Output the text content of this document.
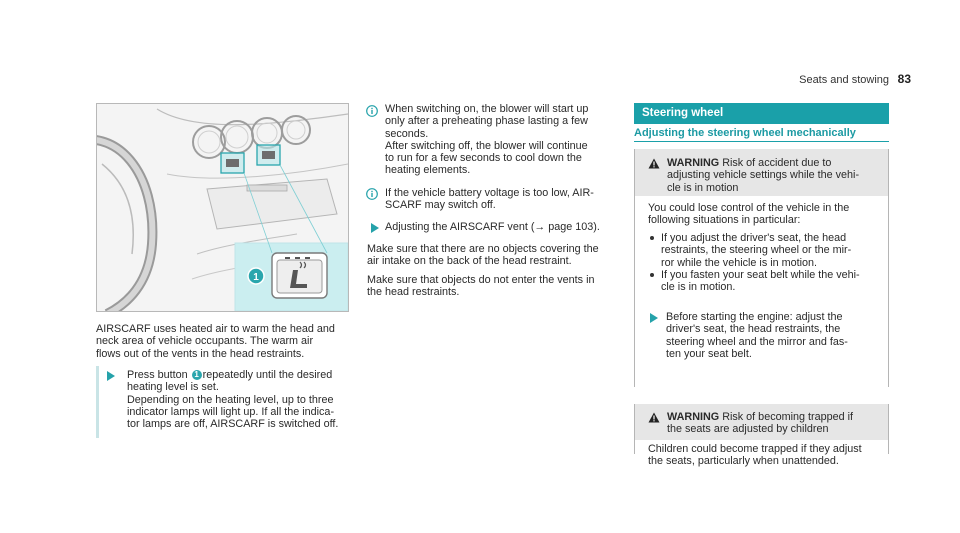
Seats and stowing 83
1
AIRSCARF uses heated air to warm the head and
neck area of vehicle occupants. The warm air
flows out of the vents in the head restraints.
Press button 1 repeatedly until the desired
heating level is set.
Depending on the heating level, up to three
indicator lamps will light up. If all the indica-
tor lamps are off, AIRSCARF is switched off.
When switching on, the blower will start up
only after a preheating phase lasting a few
seconds.
After switching off, the blower will continue
to run for a few seconds to cool down the
heating elements.
If the vehicle battery voltage is too low, AIR-
SCARF may switch off.
Adjusting the AIRSCARF vent (→ page 103).
Make sure that there are no objects covering the
air intake on the back of the head restraint.
Make sure that objects do not enter the vents in
the head restraints.
Steering wheel
Adjusting the steering wheel mechanically
WARNING Risk of accident due to
adjusting vehicle settings while the vehi-
cle is in motion
You could lose control of the vehicle in the
following situations in particular:
If you adjust the driver's seat, the head
restraints, the steering wheel or the mir-
ror while the vehicle is in motion.
If you fasten your seat belt while the vehi-
cle is in motion.
Before starting the engine: adjust the
driver's seat, the head restraints, the
steering wheel and the mirror and fas-
ten your seat belt.
WARNING Risk of becoming trapped if
the seats are adjusted by children
Children could become trapped if they adjust
the seats, particularly when unattended.
